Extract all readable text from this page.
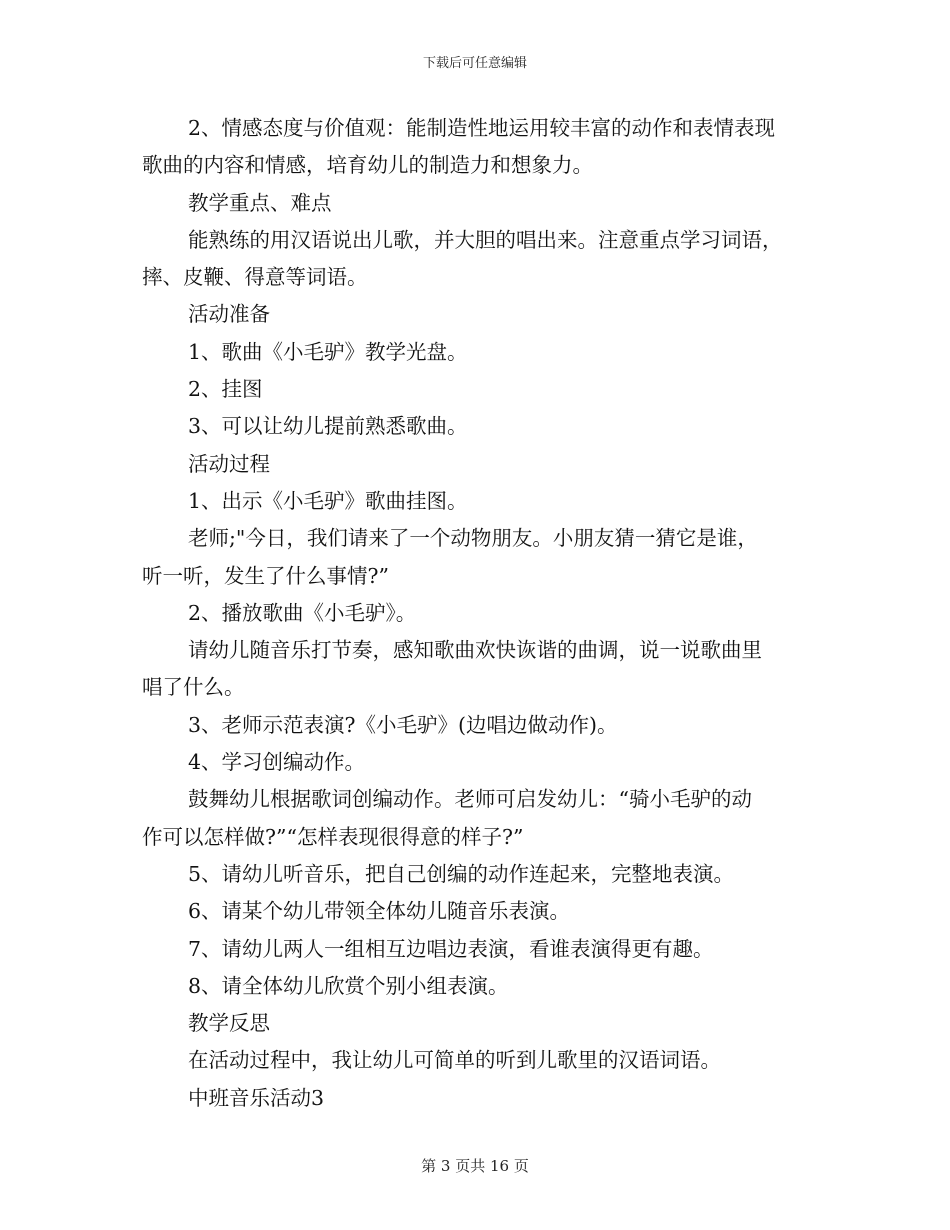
下载后可任意编辑
2、情感态度与价值观：能制造性地运用较丰富的动作和表情表现
歌曲的内容和情感，培育幼儿的制造力和想象力。
教学重点、难点
能熟练的用汉语说出儿歌，并大胆的唱出来。注意重点学习词语，
摔、皮鞭、得意等词语。
活动准备
1、歌曲《小毛驴》教学光盘。
2、挂图
3、可以让幼儿提前熟悉歌曲。
活动过程
1、出示《小毛驴》歌曲挂图。
老师;"今日，我们请来了一个动物朋友。小朋友猜一猜它是谁，
听一听，发生了什么事情?”
2、播放歌曲《小毛驴》。
请幼儿随音乐打节奏，感知歌曲欢快诙谐的曲调，说一说歌曲里
唱了什么。
3、老师示范表演?《小毛驴》(边唱边做动作)。
4、学习创编动作。
鼓舞幼儿根据歌词创编动作。老师可启发幼儿：“骑小毛驴的动
作可以怎样做?”“怎样表现很得意的样子?”
5、请幼儿听音乐，把自己创编的动作连起来，完整地表演。
6、请某个幼儿带领全体幼儿随音乐表演。
7、请幼儿两人一组相互边唱边表演，看谁表演得更有趣。
8、请全体幼儿欣赏个别小组表演。
教学反思
在活动过程中，我让幼儿可简单的听到儿歌里的汉语词语。
中班音乐活动3
第 3 页共 16 页
